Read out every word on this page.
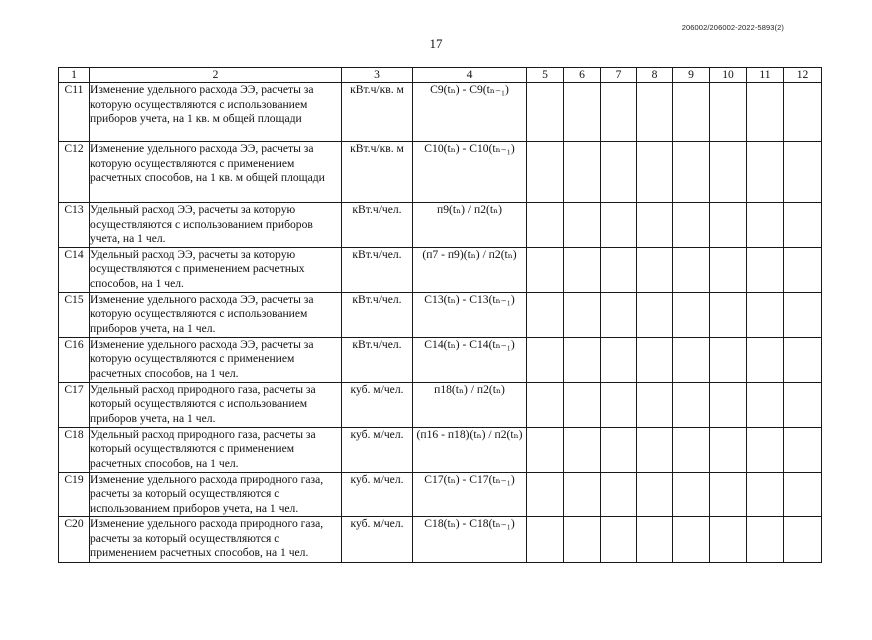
206002/206002-2022-5893(2)
17
1	2	3	4	5	6	7	8	9	10	11	12
C11	Изменение удельного расхода ЭЭ, расчеты за которую осуществляются с использованием приборов учета, на 1 кв. м общей площади	кВт.ч/кв. м	C9(tₙ) - C9(tₙ₋₁)								
C12	Изменение удельного расхода ЭЭ, расчеты за которую осуществляются с применением расчетных способов, на 1 кв. м общей площади	кВт.ч/кв. м	C10(tₙ) - C10(tₙ₋₁)								
C13	Удельный расход ЭЭ, расчеты за которую осуществляются с использованием приборов учета, на 1 чел.	кВт.ч/чел.	п9(tₙ) / п2(tₙ)								
C14	Удельный расход ЭЭ, расчеты за которую осуществляются с применением расчетных способов, на 1 чел.	кВт.ч/чел.	(п7 - п9)(tₙ) / п2(tₙ)								
C15	Изменение удельного расхода ЭЭ, расчеты за которую осуществляются с использованием приборов учета, на 1 чел.	кВт.ч/чел.	C13(tₙ) - C13(tₙ₋₁)								
C16	Изменение удельного расхода ЭЭ, расчеты за которую осуществляются с применением расчетных способов, на 1 чел.	кВт.ч/чел.	C14(tₙ) - C14(tₙ₋₁)								
C17	Удельный расход природного газа, расчеты за который осуществляются с использованием приборов учета, на 1 чел.	куб. м/чел.	п18(tₙ) / п2(tₙ)								
C18	Удельный расход природного газа, расчеты за который осуществляются с применением расчетных способов, на 1 чел.	куб. м/чел.	(п16 - п18)(tₙ) / п2(tₙ)								
C19	Изменение удельного расхода природного газа, расчеты за который осуществляются с использованием приборов учета, на 1 чел.	куб. м/чел.	C17(tₙ) - C17(tₙ₋₁)								
C20	Изменение удельного расхода природного газа, расчеты за который осуществляются с применением расчетных способов, на 1 чел.	куб. м/чел.	C18(tₙ) - C18(tₙ₋₁)								
